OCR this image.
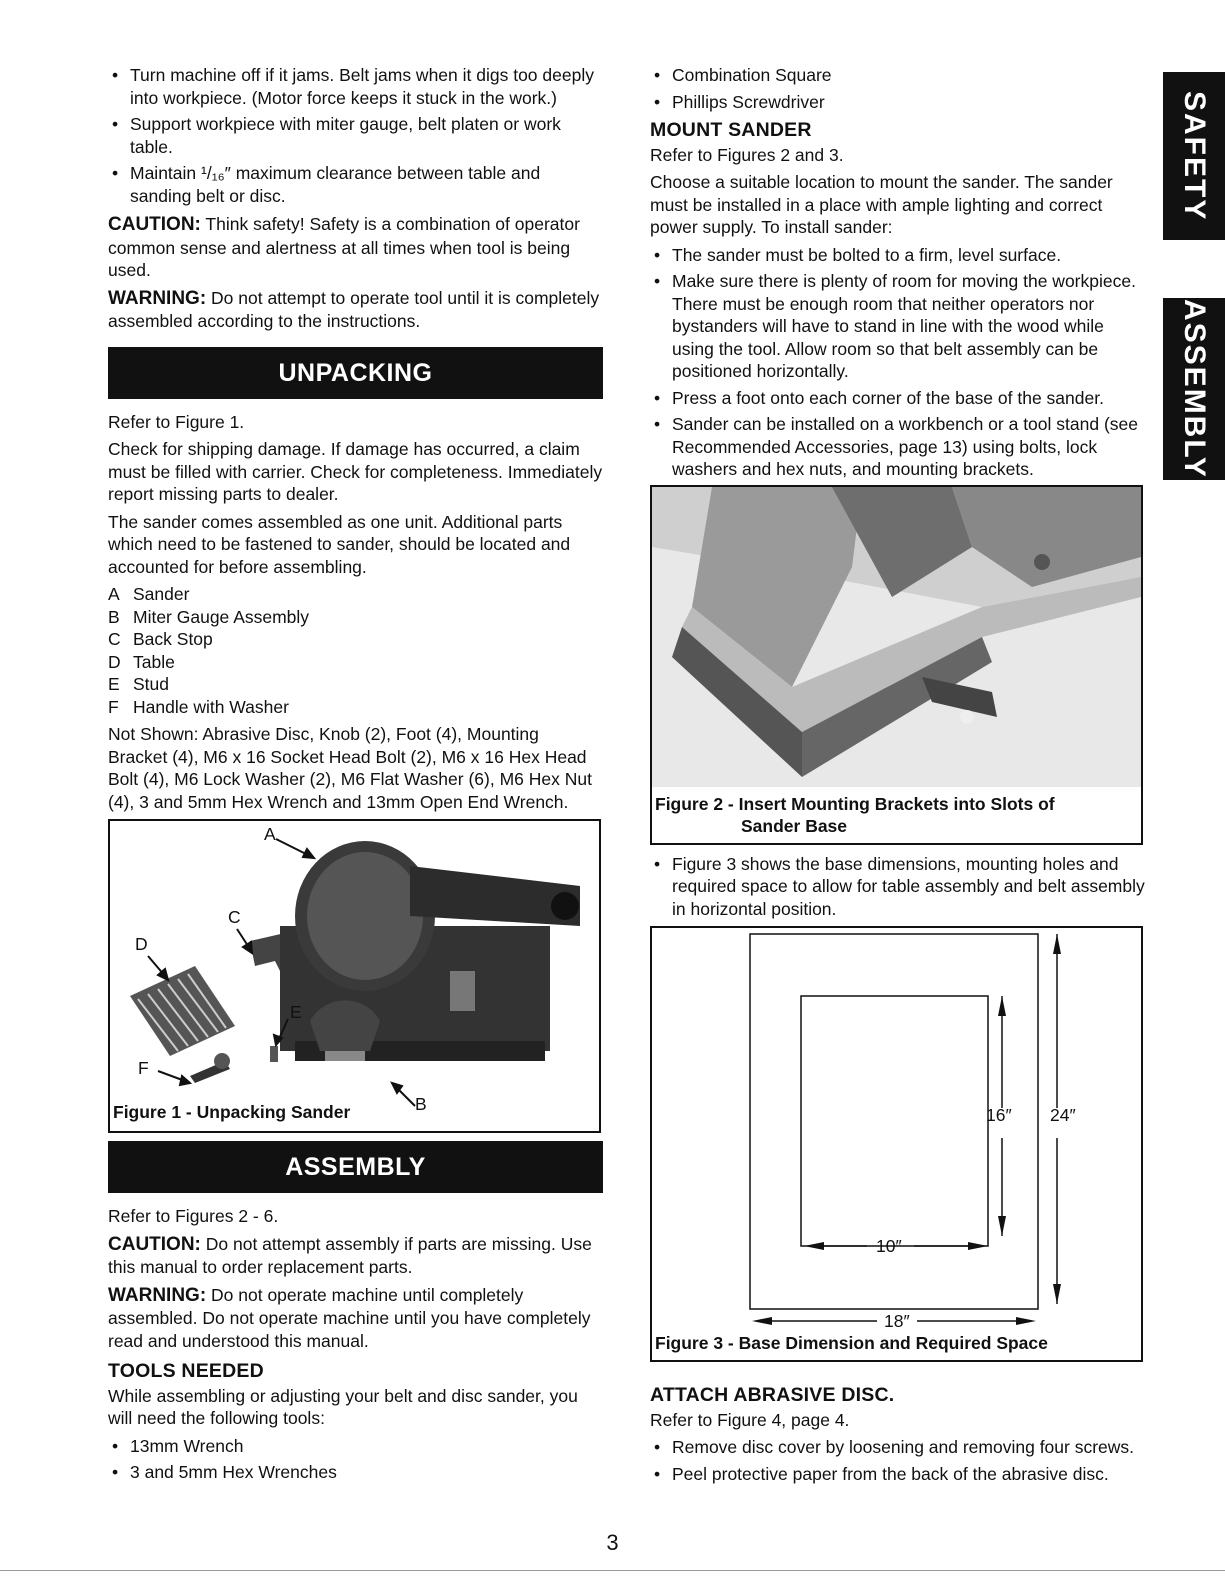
SAFETY
ASSEMBLY
• Turn machine off if it jams. Belt jams when it digs too deeply into workpiece. (Motor force keeps it stuck in the work.)
• Support workpiece with miter gauge, belt platen or work table.
• Maintain ¹/₁₆″ maximum clearance between table and sanding belt or disc.

CAUTION: Think safety! Safety is a combination of operator common sense and alertness at all times when tool is being used.

WARNING: Do not attempt to operate tool until it is completely assembled according to the instructions.

UNPACKING

Refer to Figure 1.

Check for shipping damage. If damage has occurred, a claim must be filled with carrier. Check for completeness. Immediately report missing parts to dealer.

The sander comes assembled as one unit. Additional parts which need to be fastened to sander, should be located and accounted for before assembling.

A Sander
B Miter Gauge Assembly
C Back Stop
D Table
E Stud
F Handle with Washer

Not Shown: Abrasive Disc, Knob (2), Foot (4), Mounting Bracket (4), M6 x 16 Socket Head Bolt (2), M6 x 16 Hex Head Bolt (4), M6 Lock Washer (2), M6 Flat Washer (6), M6 Hex Nut (4), 3 and 5mm Hex Wrench and 13mm Open End Wrench.

A
C
D
E
F
B
Figure 1 - Unpacking Sander
ASSEMBLY

Refer to Figures 2 - 6.

CAUTION: Do not attempt assembly if parts are missing. Use this manual to order replacement parts.

WARNING: Do not operate machine until completely assembled. Do not operate machine until you have completely read and understood this manual.

TOOLS NEEDED

While assembling or adjusting your belt and disc sander, you will need the following tools:

• 13mm Wrench
• 3 and 5mm Hex Wrenches
• Combination Square
• Phillips Screwdriver
MOUNT SANDER

Refer to Figures 2 and 3.

Choose a suitable location to mount the sander. The sander must be installed in a place with ample lighting and correct power supply. To install sander:

• The sander must be bolted to a firm, level surface.
• Make sure there is plenty of room for moving the workpiece. There must be enough room that neither operators nor bystanders will have to stand in line with the wood while using the tool. Allow room so that belt assembly can be positioned horizontally.
• Press a foot onto each corner of the base of the sander.
• Sander can be installed on a workbench or a tool stand (see Recommended Accessories, page 13) using bolts, lock washers and hex nuts, and mounting brackets.
Figure 2 - Insert Mounting Brackets into Slots of
Sander Base
• Figure 3 shows the base dimensions, mounting holes and required space to allow for table assembly and belt assembly in horizontal position.
16″ 24″
10″
18″
Figure 3 - Base Dimension and Required Space
ATTACH ABRASIVE DISC.

Refer to Figure 4, page 4.

• Remove disc cover by loosening and removing four screws.
• Peel protective paper from the back of the abrasive disc.
3
